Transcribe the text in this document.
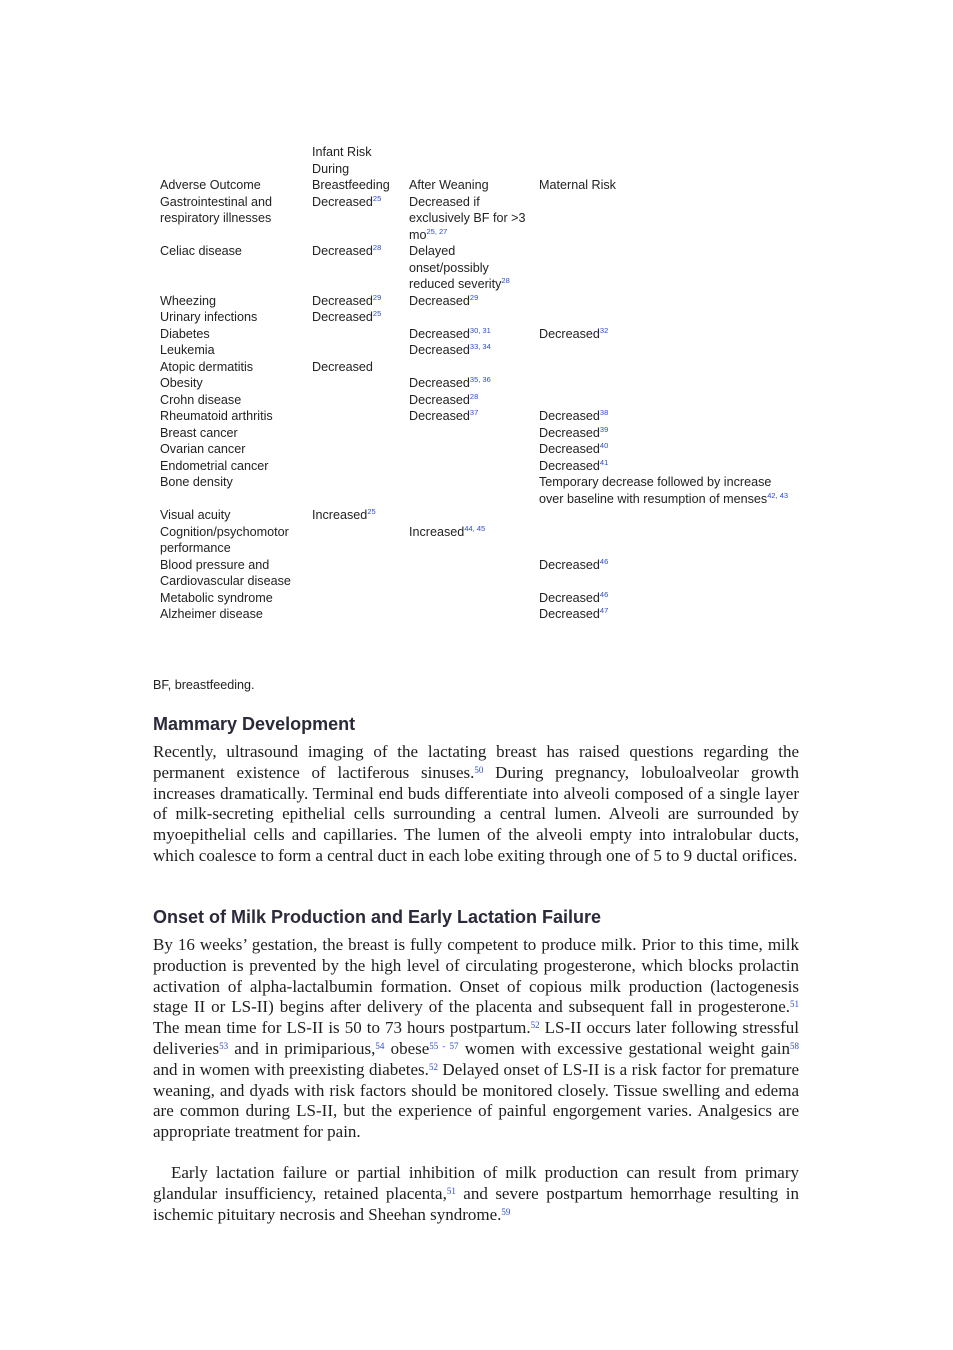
Adverse Outcome	Infant Risk During Breastfeeding	After Weaning	Maternal Risk
Gastrointestinal and respiratory illnesses	Decreased$^{25}$	Decreased if exclusively BF for >3 mo$^{25, 27}$	
Celiac disease	Decreased$^{28}$	Delayed onset/possibly reduced severity$^{28}$	
Wheezing	Decreased$^{29}$	Decreased$^{29}$	
Urinary infections	Decreased$^{25}$		
Diabetes		Decreased$^{30, 31}$	Decreased$^{32}$
Leukemia		Decreased$^{33, 34}$	
Atopic dermatitis	Decreased		
Obesity		Decreased$^{35, 36}$	
Crohn disease		Decreased$^{28}$	
Rheumatoid arthritis		Decreased$^{37}$	Decreased$^{38}$
Breast cancer			Decreased$^{39}$
Ovarian cancer			Decreased$^{40}$
Endometrial cancer			Decreased$^{41}$
Bone density			Temporary decrease followed by increase over baseline with resumption of menses$^{42, 43}$
Visual acuity	Increased$^{25}$		
Cognition/psychomotor performance		Increased$^{44, 45}$	
Blood pressure and Cardiovascular disease			Decreased$^{46}$
Metabolic syndrome			Decreased$^{46}$
Alzheimer disease			Decreased$^{47}$
BF, breastfeeding.
Mammary Development

Recently, ultrasound imaging of the lactating breast has raised questions regarding the permanent existence of lactiferous sinuses.$^{50}$ During pregnancy, lobuloalveolar growth increases dramatically. Terminal end buds differentiate into alveoli composed of a single layer of milk-secreting epithelial cells surrounding a central lumen. Alveoli are surrounded by myoepithelial cells and capillaries. The lumen of the alveoli empty into intralobular ducts, which coalesce to form a central duct in each lobe exiting through one of 5 to 9 ductal orifices.

Onset of Milk Production and Early Lactation Failure

By 16 weeks’ gestation, the breast is fully competent to produce milk. Prior to this time, milk production is prevented by the high level of circulating progesterone, which blocks prolactin activation of alpha-lactalbumin formation. Onset of copious milk production (lactogenesis stage II or LS-II) begins after delivery of the placenta and subsequent fall in progesterone.$^{51}$ The mean time for LS-II is 50 to 73 hours postpartum.$^{52}$ LS-II occurs later following stressful deliveries$^{53}$ and in primiparious,$^{54}$ obese$^{55 - 57}$ women with excessive gestational weight gain$^{58}$ and in women with preexisting diabetes.$^{52}$ Delayed onset of LS-II is a risk factor for premature weaning, and dyads with risk factors should be monitored closely. Tissue swelling and edema are common during LS-II, but the experience of painful engorgement varies. Analgesics are appropriate treatment for pain.

Early lactation failure or partial inhibition of milk production can result from primary glandular insufficiency, retained placenta,$^{51}$ and severe postpartum hemorrhage resulting in ischemic pituitary necrosis and Sheehan syndrome.$^{59}$
